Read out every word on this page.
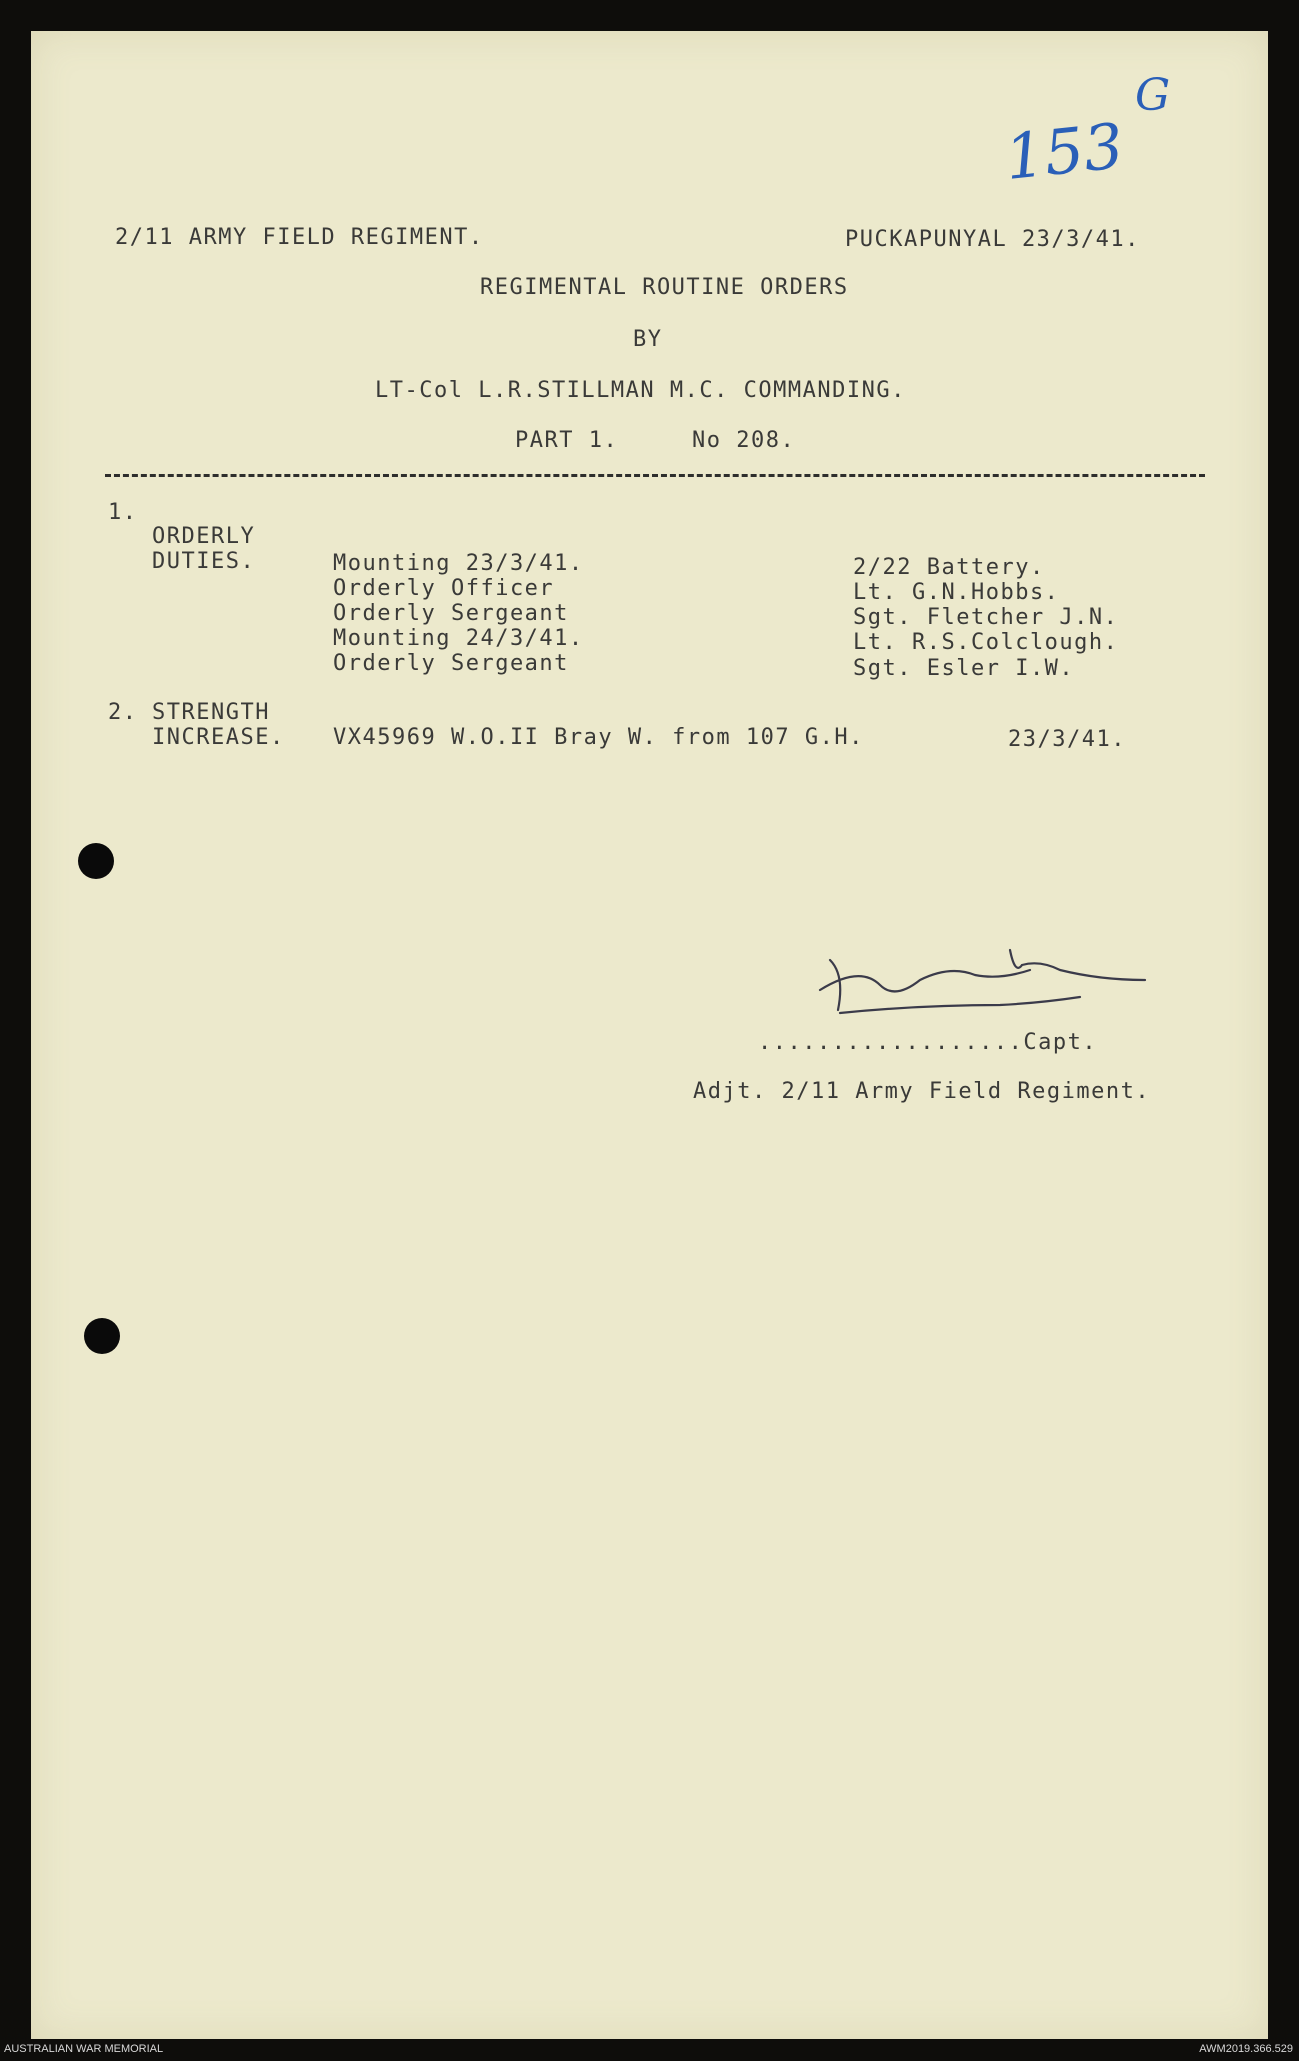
153
G
2/11 ARMY FIELD REGIMENT.	PUCKAPUNYAL 23/3/41.
REGIMENTAL ROUTINE ORDERS
BY
LT-Col L.R.STILLMAN M.C. COMMANDING.
PART 1.	No 208.
1.
ORDERLY
DUTIES.	Mounting 23/3/41.	2/22 Battery.
Orderly Officer	Lt. G.N.Hobbs.
Orderly Sergeant	Sgt. Fletcher J.N.
Mounting 24/3/41.	Lt. R.S.Colclough.
Orderly Sergeant	Sgt. Esler I.W.
2. STRENGTH
INCREASE. VX45969 W.O.II Bray W. from 107 G.H.	23/3/41.
..................Capt.
Adjt. 2/11 Army Field Regiment.
AUSTRALIAN WAR MEMORIAL	AWM2019.366.529
